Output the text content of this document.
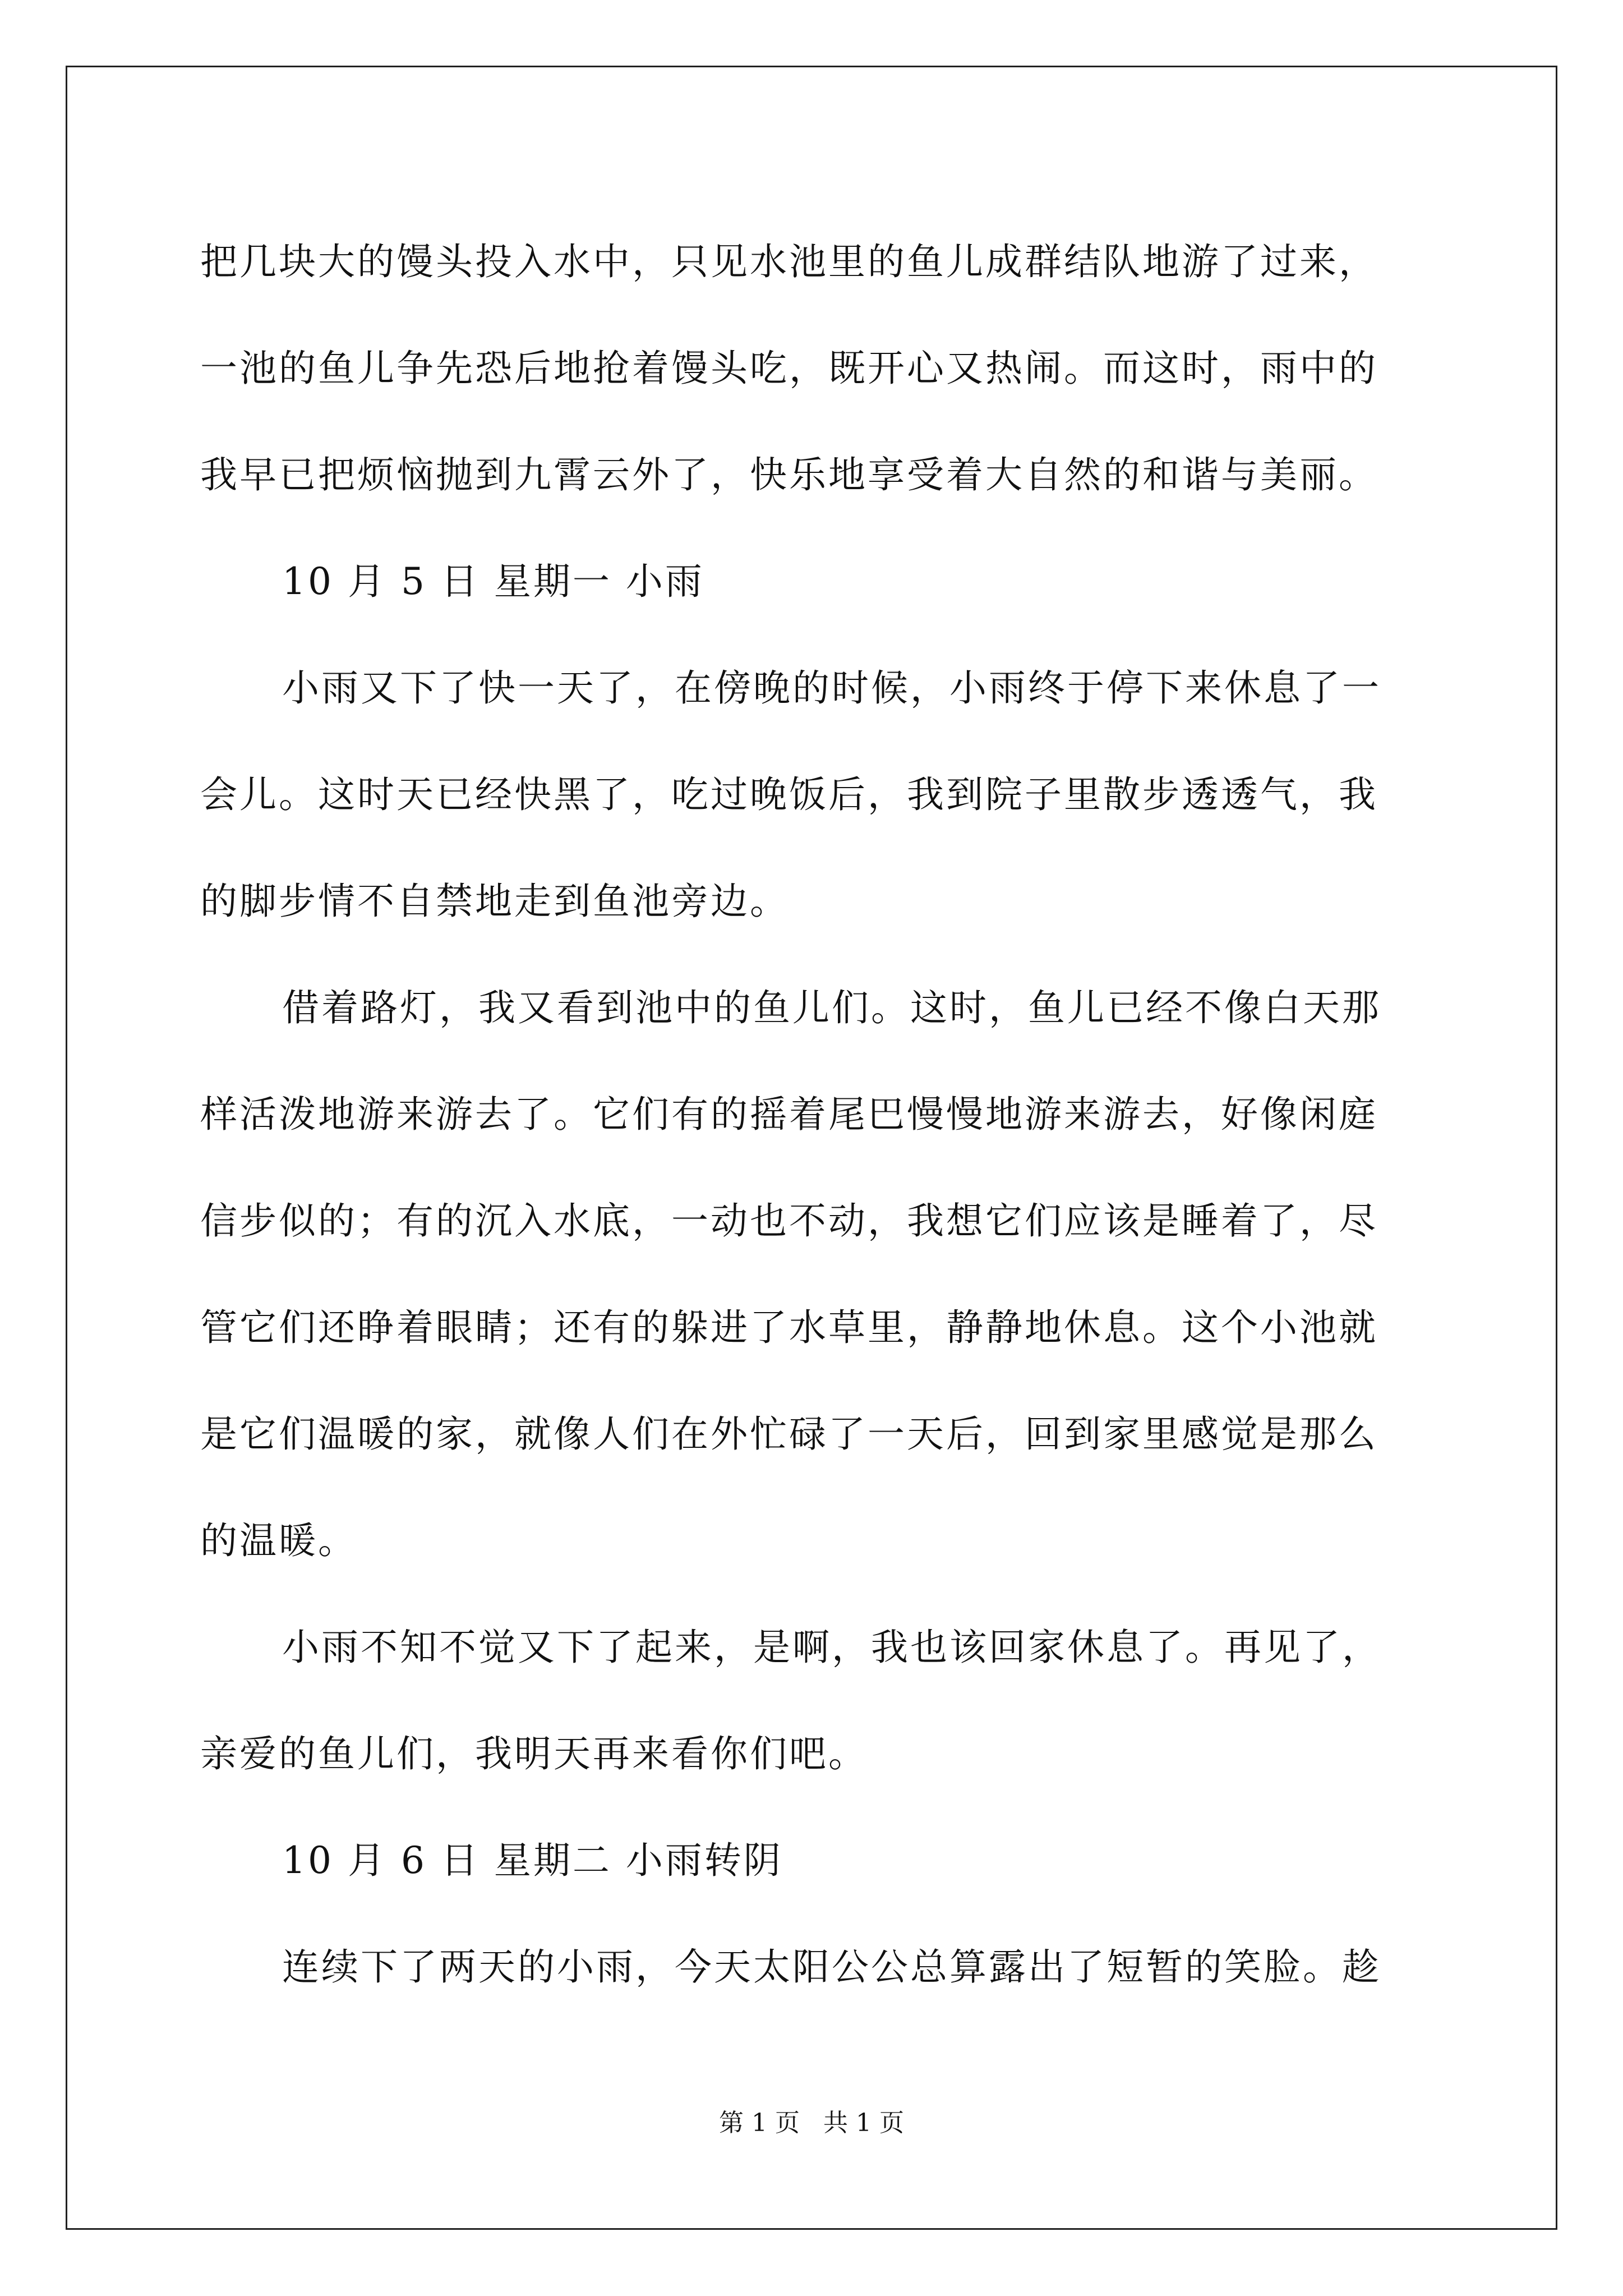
把几块大的馒头投入水中，只见水池里的鱼儿成群结队地游了过来，
一池的鱼儿争先恐后地抢着馒头吃，既开心又热闹。而这时，雨中的
我早已把烦恼抛到九霄云外了，快乐地享受着大自然的和谐与美丽。
10 月 5 日 星期一 小雨
小雨又下了快一天了，在傍晚的时候，小雨终于停下来休息了一
会儿。这时天已经快黑了，吃过晚饭后，我到院子里散步透透气，我
的脚步情不自禁地走到鱼池旁边。
借着路灯，我又看到池中的鱼儿们。这时，鱼儿已经不像白天那
样活泼地游来游去了。它们有的摇着尾巴慢慢地游来游去，好像闲庭
信步似的；有的沉入水底，一动也不动，我想它们应该是睡着了，尽
管它们还睁着眼睛；还有的躲进了水草里，静静地休息。这个小池就
是它们温暖的家，就像人们在外忙碌了一天后，回到家里感觉是那么
的温暖。
小雨不知不觉又下了起来，是啊，我也该回家休息了。再见了，
亲爱的鱼儿们，我明天再来看你们吧。
10 月 6 日 星期二 小雨转阴
连续下了两天的小雨，今天太阳公公总算露出了短暂的笑脸。趁
第 1 页   共 1 页
